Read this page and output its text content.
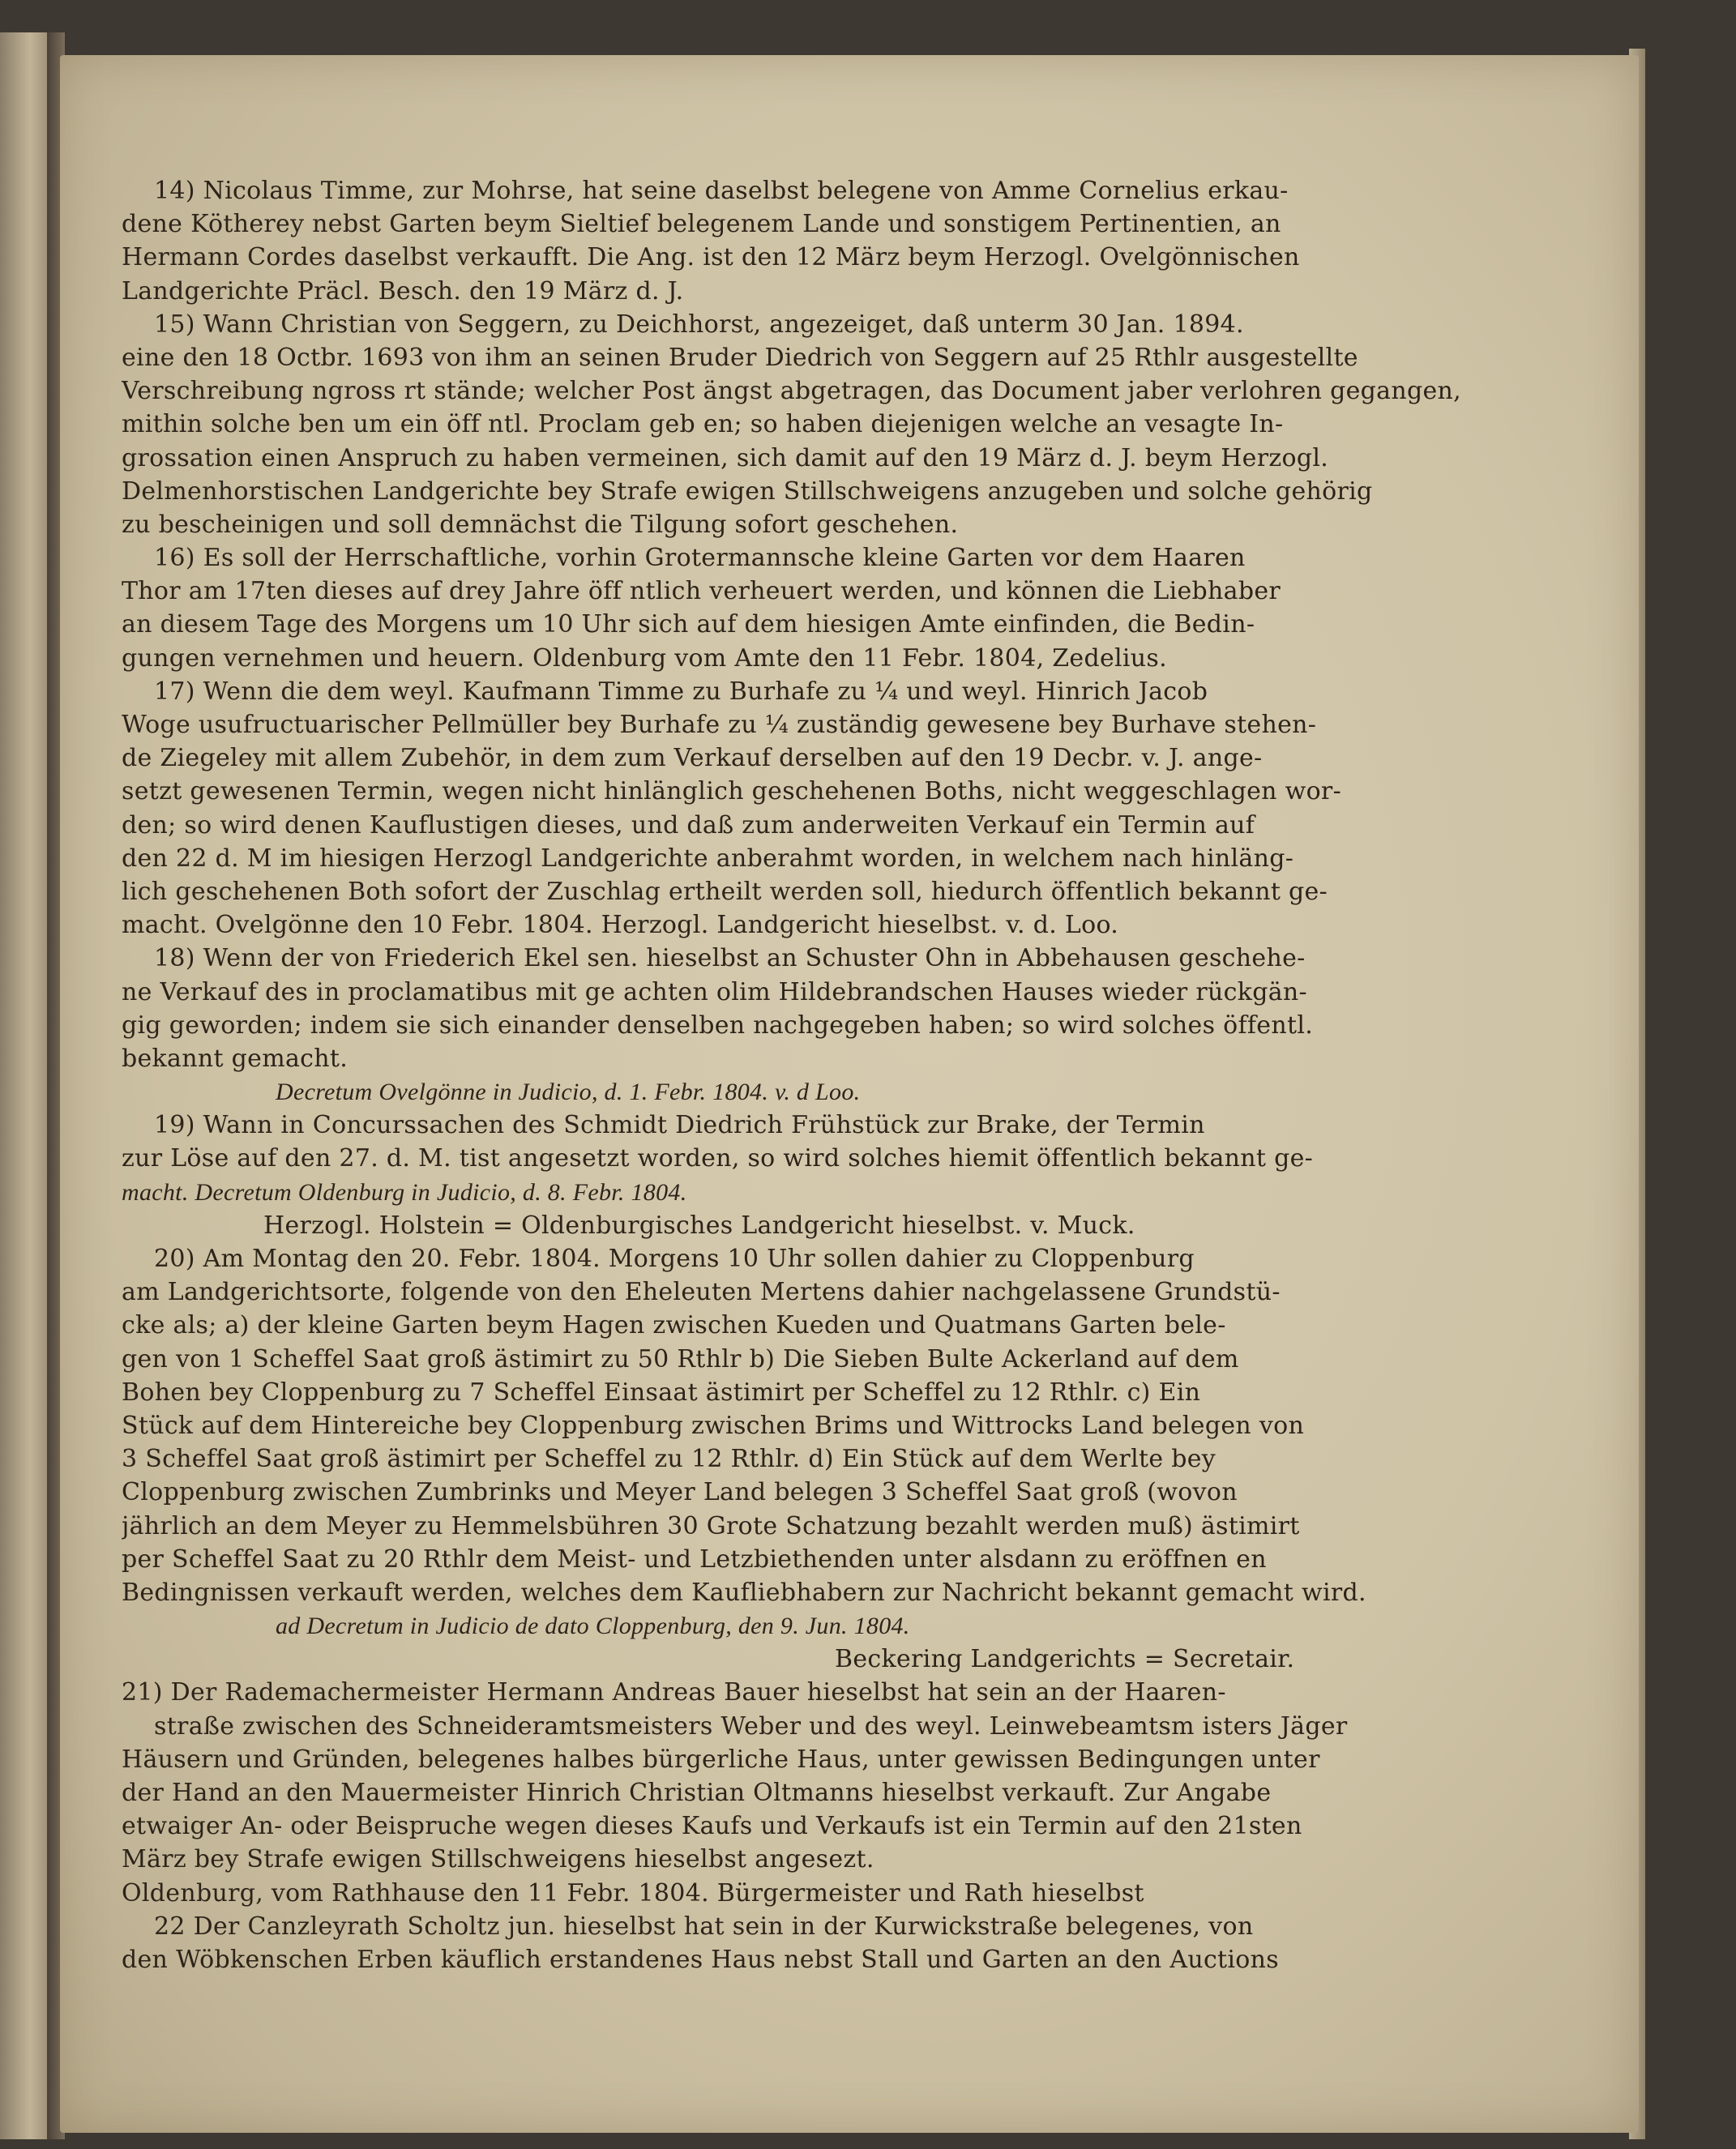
14) Nicolaus Timme, zur Mohrse, hat seine daselbst belegene von Amme Cornelius erkau-
dene Kötherey nebst Garten beym Sieltief belegenem Lande und sonstigem Pertinentien, an
Hermann Cordes daselbst verkaufft. Die Ang. ist den 12 März beym Herzogl. Ovelgönnischen
Landgerichte Präcl. Besch. den 19 März d. J.
15) Wann Christian von Seggern, zu Deichhorst, angezeiget, daß unterm 30 Jan. 1894.
eine den 18 Octbr. 1693 von ihm an seinen Bruder Diedrich von Seggern auf 25 Rthlr ausgestellte
Verschreibung ngross rt stände; welcher Post ängst abgetragen, das Document jaber verlohren gegangen,
mithin solche ben um ein öff ntl. Proclam geb en; so haben diejenigen welche an vesagte In-
grossation einen Anspruch zu haben vermeinen, sich damit auf den 19 März d. J. beym Herzogl.
Delmenhorstischen Landgerichte bey Strafe ewigen Stillschweigens anzugeben und solche gehörig
zu bescheinigen und soll demnächst die Tilgung sofort geschehen.
16) Es soll der Herrschaftliche, vorhin Grotermannsche kleine Garten vor dem Haaren
Thor am 17ten dieses auf drey Jahre öff ntlich verheuert werden, und können die Liebhaber
an diesem Tage des Morgens um 10 Uhr sich auf dem hiesigen Amte einfinden, die Bedin-
gungen vernehmen und heuern. Oldenburg vom Amte den 11 Febr. 1804, Zedelius.
17) Wenn die dem weyl. Kaufmann Timme zu Burhafe zu ¼ und weyl. Hinrich Jacob
Woge usufructuarischer Pellmüller bey Burhafe zu ¼ zuständig gewesene bey Burhave stehen-
de Ziegeley mit allem Zubehör, in dem zum Verkauf derselben auf den 19 Decbr. v. J. ange-
setzt gewesenen Termin, wegen nicht hinlänglich geschehenen Boths, nicht weggeschlagen wor-
den; so wird denen Kauflustigen dieses, und daß zum anderweiten Verkauf ein Termin auf
den 22 d. M im hiesigen Herzogl Landgerichte anberahmt worden, in welchem nach hinläng-
lich geschehenen Both sofort der Zuschlag ertheilt werden soll, hiedurch öffentlich bekannt ge-
macht. Ovelgönne den 10 Febr. 1804. Herzogl. Landgericht hieselbst. v. d. Loo.
18) Wenn der von Friederich Ekel sen. hieselbst an Schuster Ohn in Abbehausen geschehe-
ne Verkauf des in proclamatibus mit ge achten olim Hildebrandschen Hauses wieder rückgän-
gig geworden; indem sie sich einander denselben nachgegeben haben; so wird solches öffentl.
bekannt gemacht.
Decretum Ovelgönne in Judicio, d. 1. Febr. 1804. v. d Loo.
19) Wann in Concurssachen des Schmidt Diedrich Frühstück zur Brake, der Termin
zur Löse auf den 27. d. M. tist angesetzt worden, so wird solches hiemit öffentlich bekannt ge-
macht. Decretum Oldenburg in Judicio, d. 8. Febr. 1804.
Herzogl. Holstein = Oldenburgisches Landgericht hieselbst. v. Muck.
20) Am Montag den 20. Febr. 1804. Morgens 10 Uhr sollen dahier zu Cloppenburg
am Landgerichtsorte, folgende von den Eheleuten Mertens dahier nachgelassene Grundstü-
cke als; a) der kleine Garten beym Hagen zwischen Kueden und Quatmans Garten bele-
gen von 1 Scheffel Saat groß ästimirt zu 50 Rthlr b) Die Sieben Bulte Ackerland auf dem
Bohen bey Cloppenburg zu 7 Scheffel Einsaat ästimirt per Scheffel zu 12 Rthlr. c) Ein
Stück auf dem Hintereiche bey Cloppenburg zwischen Brims und Wittrocks Land belegen von
3 Scheffel Saat groß ästimirt per Scheffel zu 12 Rthlr. d) Ein Stück auf dem Werlte bey
Cloppenburg zwischen Zumbrinks und Meyer Land belegen 3 Scheffel Saat groß (wovon
jährlich an dem Meyer zu Hemmelsbühren 30 Grote Schatzung bezahlt werden muß) ästimirt
per Scheffel Saat zu 20 Rthlr dem Meist- und Letzbiethenden unter alsdann zu eröffnen en
Bedingnissen verkauft werden, welches dem Kaufliebhabern zur Nachricht bekannt gemacht wird.
ad Decretum in Judicio de dato Cloppenburg, den 9. Jun. 1804.
Beckering Landgerichts = Secretair.
21) Der Rademachermeister Hermann Andreas Bauer hieselbst hat sein an der Haaren-
straße zwischen des Schneideramtsmeisters Weber und des weyl. Leinwebeamtsm isters Jäger
Häusern und Gründen, belegenes halbes bürgerliche Haus, unter gewissen Bedingungen unter
der Hand an den Mauermeister Hinrich Christian Oltmanns hieselbst verkauft. Zur Angabe
etwaiger An- oder Beispruche wegen dieses Kaufs und Verkaufs ist ein Termin auf den 21sten
März bey Strafe ewigen Stillschweigens hieselbst angesezt.
Oldenburg, vom Rathhause den 11 Febr. 1804. Bürgermeister und Rath hieselbst
22 Der Canzleyrath Scholtz jun. hieselbst hat sein in der Kurwickstraße belegenes, von
den Wöbkenschen Erben käuflich erstandenes Haus nebst Stall und Garten an den Auctions
